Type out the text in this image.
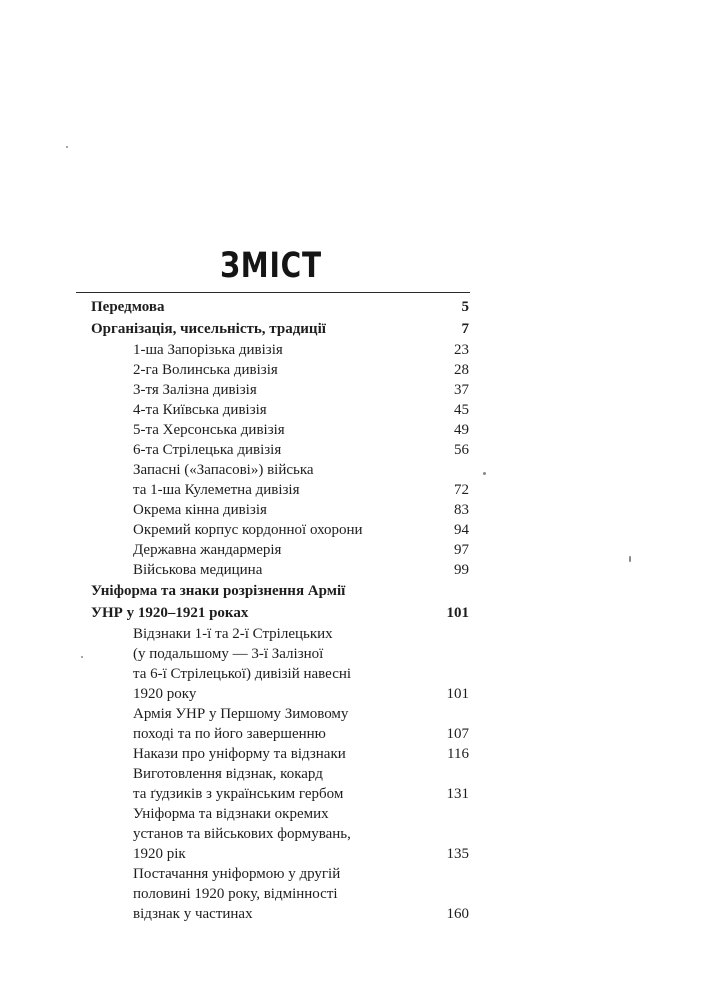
ЗМІСТ
Передмова	5
Організація, чисельність, традиції	7
1-ша Запорізька дивізія	23
2-га Волинська дивізія	28
3-тя Залізна дивізія	37
4-та Київська дивізія	45
5-та Херсонська дивізія	49
6-та Стрілецька дивізія	56
Запасні («Запасові») війська
та 1-ша Кулеметна дивізія	72
Окрема кінна дивізія	83
Окремий корпус кордонної охорони	94
Державна жандармерія	97
Військова медицина	99
Уніформа та знаки розрізнення Армії
УНР у 1920–1921 роках	101
Відзнаки 1-ї та 2-ї Стрілецьких
(у подальшому — 3-ї Залізної
та 6-ї Стрілецької) дивізій навесні
1920 року	101
Армія УНР у Першому Зимовому
поході та по його завершенню	107
Накази про уніформу та відзнаки	116
Виготовлення відзнак, кокард
та ґудзиків з українським гербом	131
Уніформа та відзнаки окремих
установ та військових формувань,
1920 рік	135
Постачання уніформою у другій
половині 1920 року, відмінності
відзнак у частинах	160
